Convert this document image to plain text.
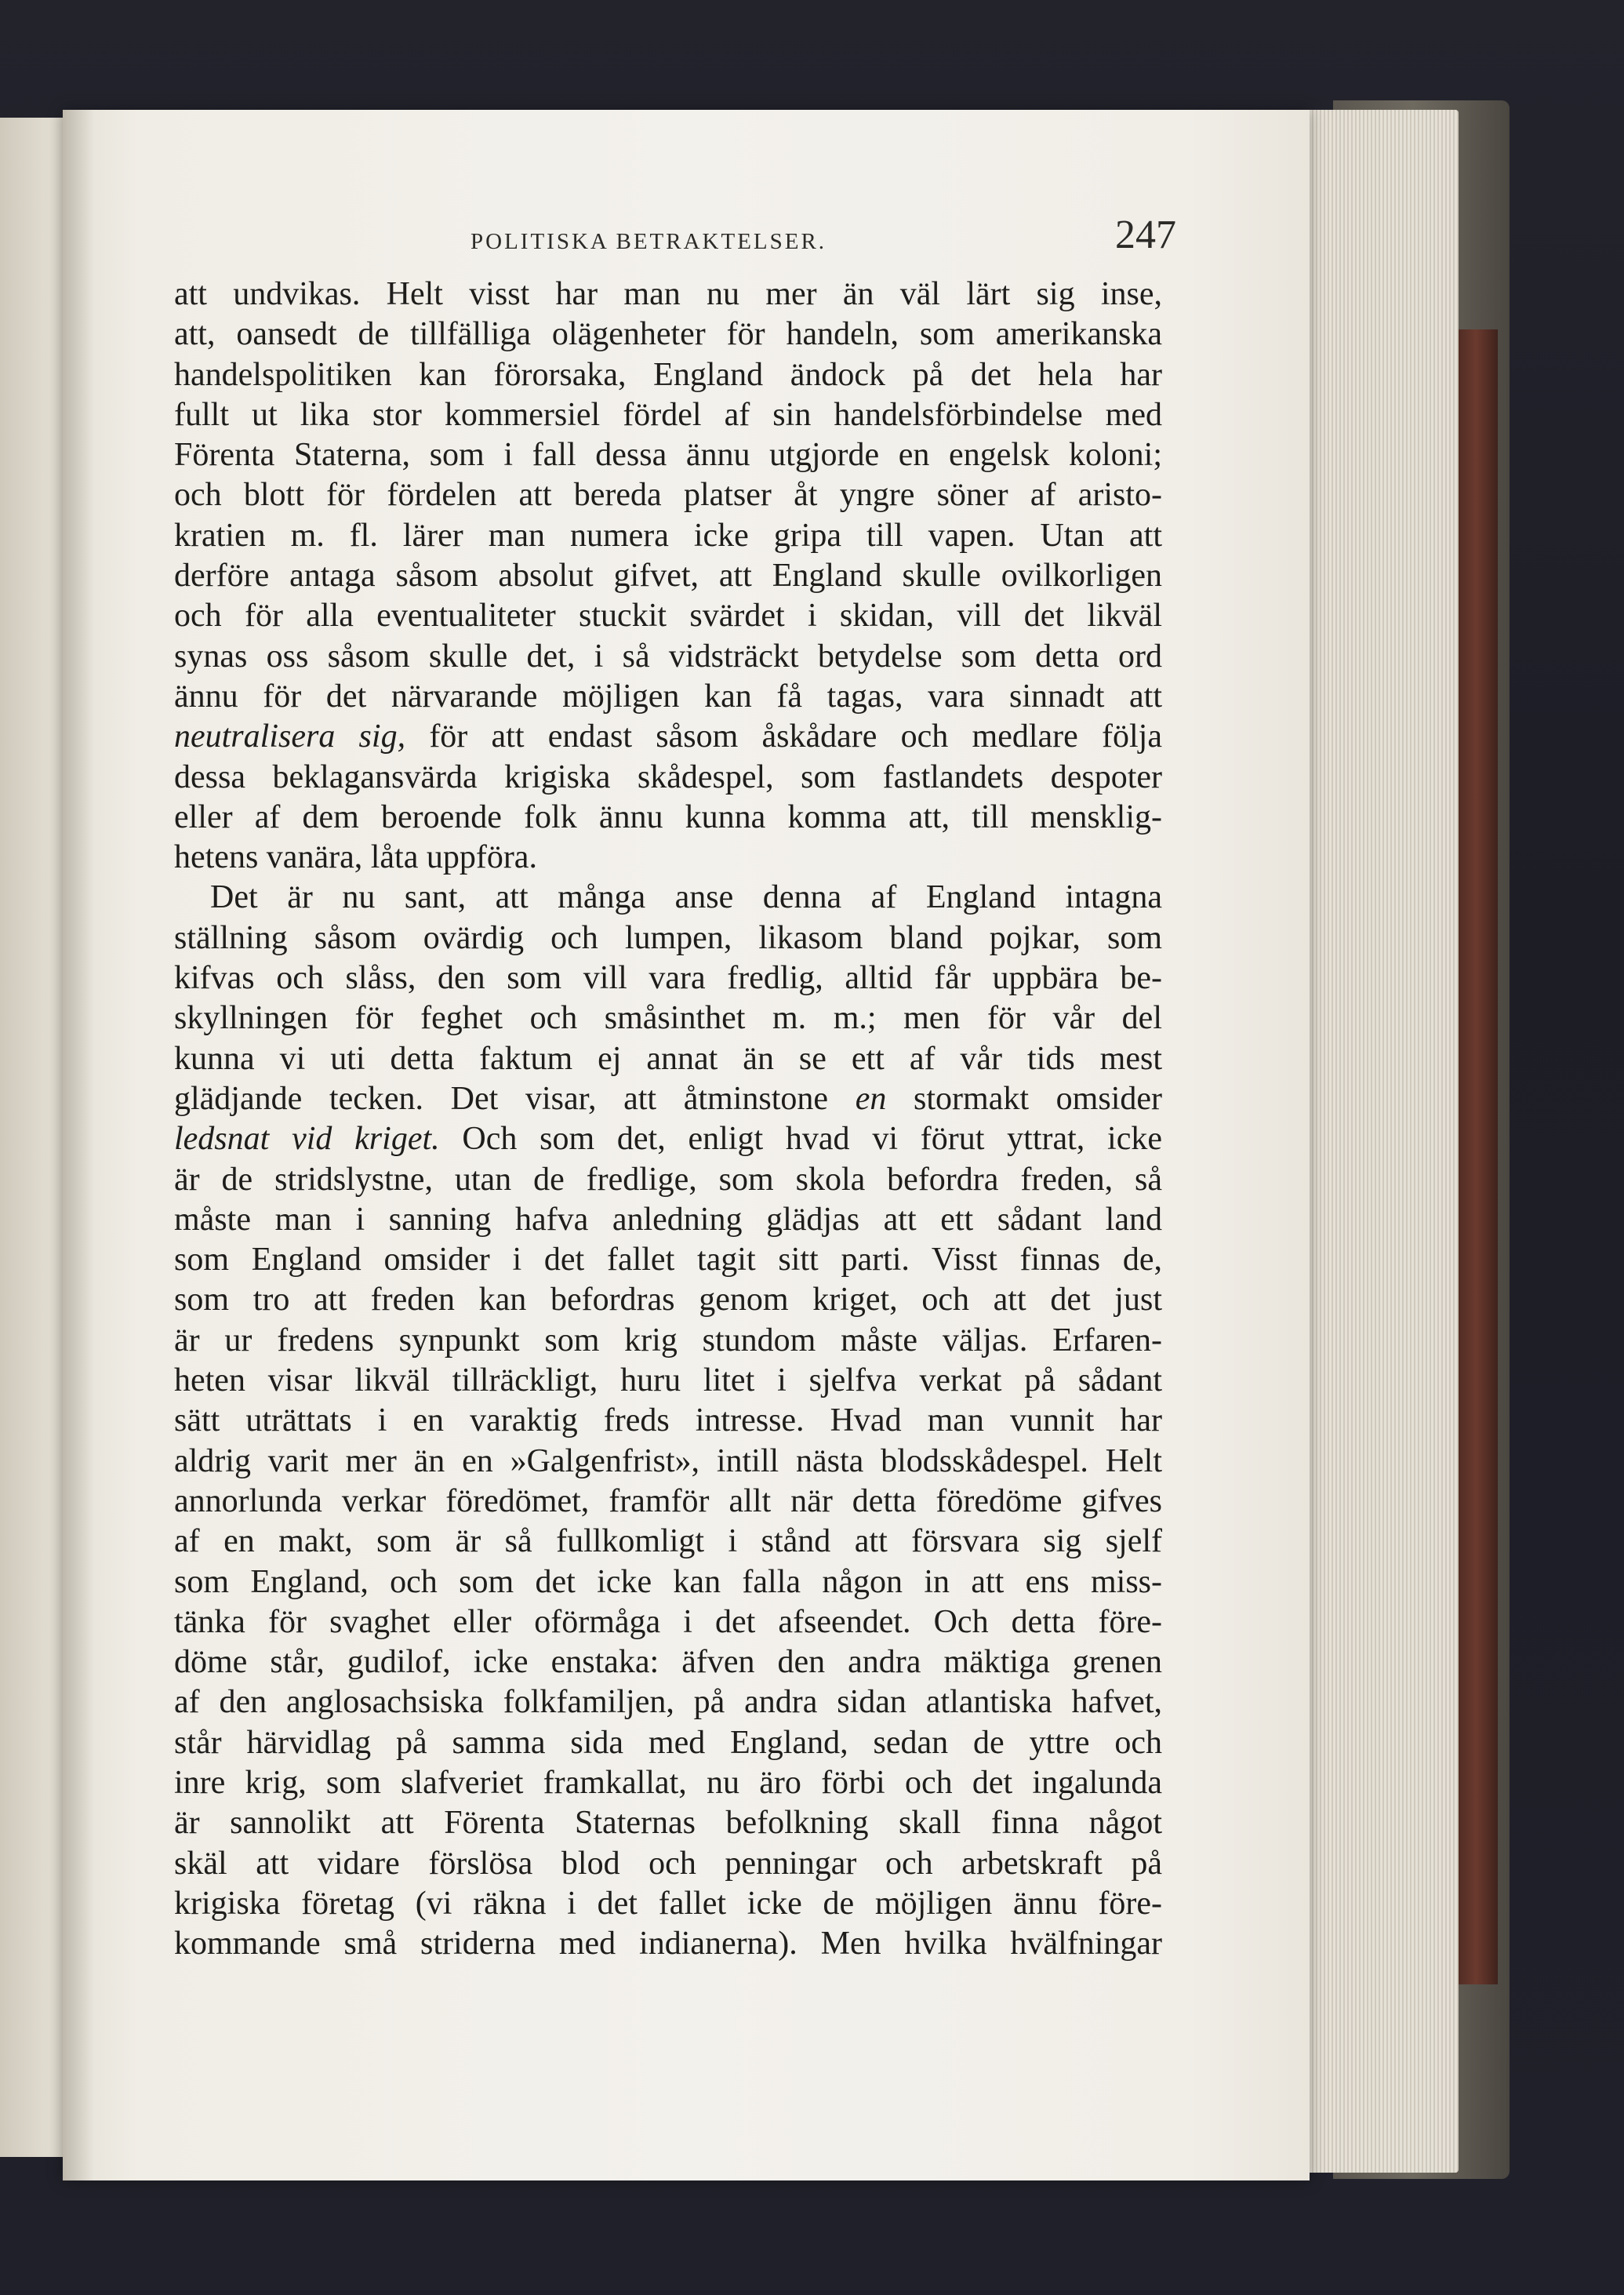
POLITISKA BETRAKTELSER.	247
att undvikas. Helt visst har man nu mer än väl lärt sig inse,
att, oansedt de tillfälliga olägenheter för handeln, som amerikanska
handelspolitiken kan förorsaka, England ändock på det hela har
fullt ut lika stor kommersiel fördel af sin handelsförbindelse med
Förenta Staterna, som i fall dessa ännu utgjorde en engelsk koloni;
och blott för fördelen att bereda platser åt yngre söner af aristo-
kratien m. fl. lärer man numera icke gripa till vapen. Utan att
derföre antaga såsom absolut gifvet, att England skulle ovilkorligen
och för alla eventualiteter stuckit svärdet i skidan, vill det likväl
synas oss såsom skulle det, i så vidsträckt betydelse som detta ord
ännu för det närvarande möjligen kan få tagas, vara sinnadt att
neutralisera sig, för att endast såsom åskådare och medlare följa
dessa beklagansvärda krigiska skådespel, som fastlandets despoter
eller af dem beroende folk ännu kunna komma att, till mensklig-
hetens vanära, låta uppföra.
Det är nu sant, att många anse denna af England intagna
ställning såsom ovärdig och lumpen, likasom bland pojkar, som
kifvas och slåss, den som vill vara fredlig, alltid får uppbära be-
skyllningen för feghet och småsinthet m. m.; men för vår del
kunna vi uti detta faktum ej annat än se ett af vår tids mest
glädjande tecken. Det visar, att åtminstone en stormakt omsider
ledsnat vid kriget. Och som det, enligt hvad vi förut yttrat, icke
är de stridslystne, utan de fredlige, som skola befordra freden, så
måste man i sanning hafva anledning glädjas att ett sådant land
som England omsider i det fallet tagit sitt parti. Visst finnas de,
som tro att freden kan befordras genom kriget, och att det just
är ur fredens synpunkt som krig stundom måste väljas. Erfaren-
heten visar likväl tillräckligt, huru litet i sjelfva verkat på sådant
sätt uträttats i en varaktig freds intresse. Hvad man vunnit har
aldrig varit mer än en »Galgenfrist», intill nästa blodsskådespel. Helt
annorlunda verkar föredömet, framför allt när detta föredöme gifves
af en makt, som är så fullkomligt i stånd att försvara sig sjelf
som England, och som det icke kan falla någon in att ens miss-
tänka för svaghet eller oförmåga i det afseendet. Och detta före-
döme står, gudilof, icke enstaka: äfven den andra mäktiga grenen
af den anglosachsiska folkfamiljen, på andra sidan atlantiska hafvet,
står härvidlag på samma sida med England, sedan de yttre och
inre krig, som slafveriet framkallat, nu äro förbi och det ingalunda
är sannolikt att Förenta Staternas befolkning skall finna något
skäl att vidare förslösa blod och penningar och arbetskraft på
krigiska företag (vi räkna i det fallet icke de möjligen ännu före-
kommande små striderna med indianerna). Men hvilka hvälfningar
